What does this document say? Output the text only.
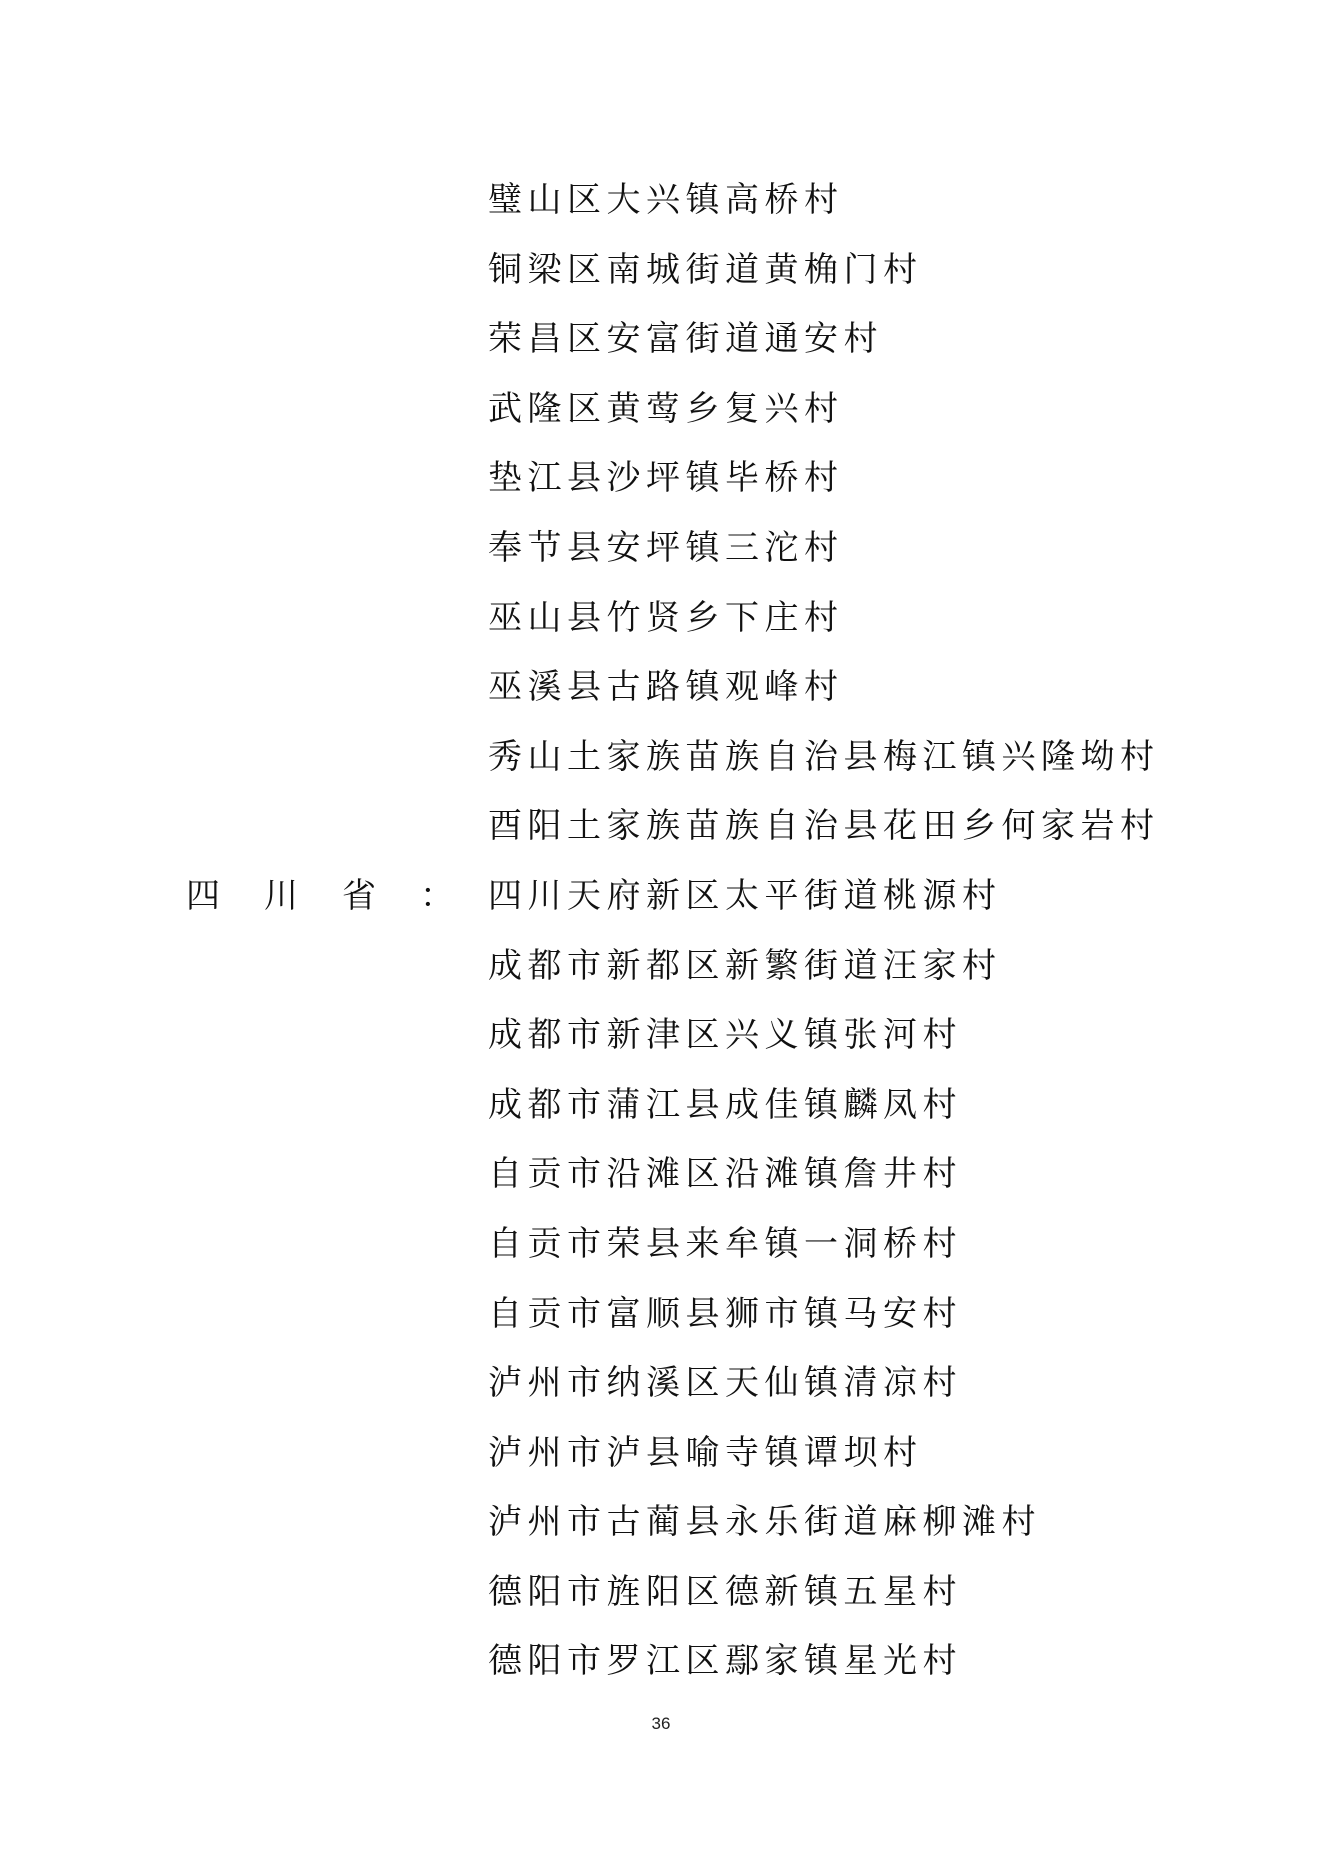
璧山区大兴镇高桥村
铜梁区南城街道黄桷门村
荣昌区安富街道通安村
武隆区黄莺乡复兴村
垫江县沙坪镇毕桥村
奉节县安坪镇三沱村
巫山县竹贤乡下庄村
巫溪县古路镇观峰村
秀山土家族苗族自治县梅江镇兴隆坳村
酉阳土家族苗族自治县花田乡何家岩村
四川天府新区太平街道桃源村
成都市新都区新繁街道汪家村
成都市新津区兴义镇张河村
成都市蒲江县成佳镇麟凤村
自贡市沿滩区沿滩镇詹井村
自贡市荣县来牟镇一洞桥村
自贡市富顺县狮市镇马安村
泸州市纳溪区天仙镇清凉村
泸州市泸县喻寺镇谭坝村
泸州市古蔺县永乐街道麻柳滩村
德阳市旌阳区德新镇五星村
德阳市罗江区鄢家镇星光村
四 川 省 ：
36
